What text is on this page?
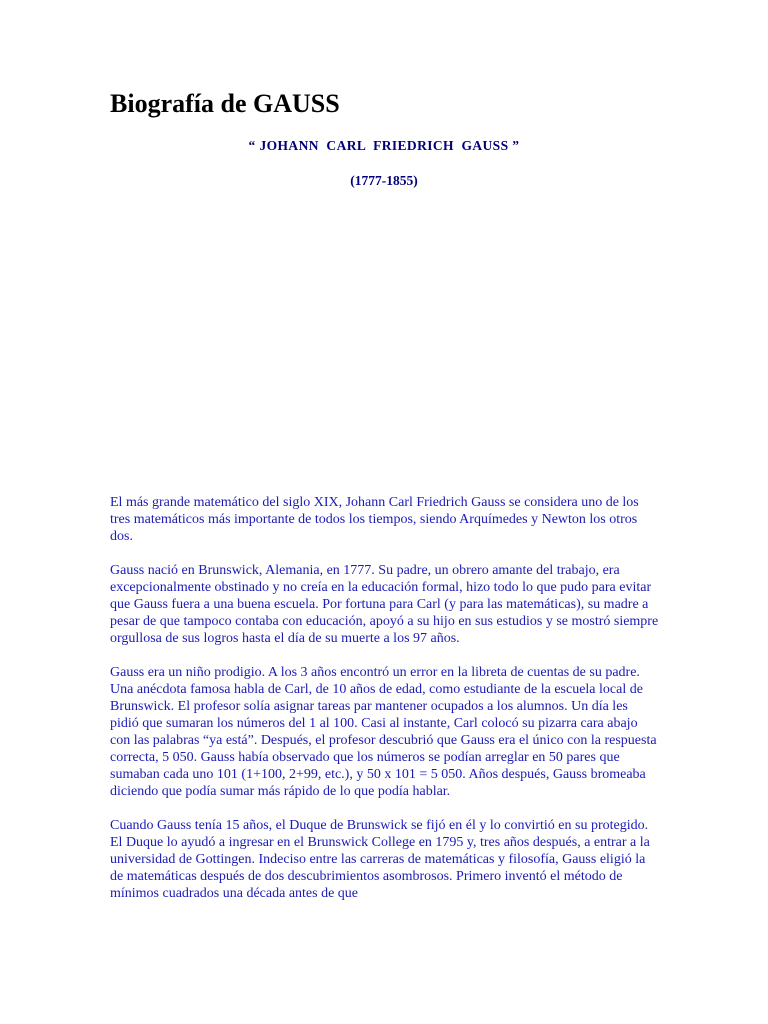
Biografía de GAUSS
“ JOHANN  CARL  FRIEDRICH  GAUSS ”
(1777-1855)

El más grande matemático del siglo XIX, Johann Carl Friedrich Gauss se considera uno de los tres matemáticos más importante de todos los tiempos, siendo Arquímedes y Newton los otros dos.

Gauss nació en Brunswick, Alemania, en 1777. Su padre, un obrero amante del trabajo, era excepcionalmente obstinado y no creía en la educación formal, hizo todo lo que pudo para evitar que Gauss fuera a una buena escuela. Por fortuna para Carl (y para las matemáticas), su madre a pesar de que tampoco contaba con educación, apoyó a su hijo en sus estudios y se mostró siempre orgullosa de sus logros hasta el día de su muerte a los 97 años.

Gauss era un niño prodigio. A los 3 años encontró un error en la libreta de cuentas de su padre. Una anécdota famosa habla de Carl, de 10 años de edad, como estudiante de la escuela local de Brunswick. El profesor solía asignar tareas par mantener ocupados a los alumnos. Un día les pidió que sumaran los números del 1 al 100. Casi al instante, Carl colocó su pizarra cara abajo con las palabras “ya está”. Después, el profesor descubrió que Gauss era el único con la respuesta correcta, 5 050. Gauss había observado que los números se podían arreglar en 50 pares que sumaban cada uno 101 (1+100, 2+99, etc.), y 50 x 101 = 5 050. Años después, Gauss bromeaba diciendo que podía sumar más rápido de lo que podía hablar.

Cuando Gauss tenía 15 años, el Duque de Brunswick se fijó en él y lo convirtió en su protegido. El Duque lo ayudó a ingresar en el Brunswick College en 1795 y, tres años después, a entrar a la universidad de Gottingen. Indeciso entre las carreras de matemáticas y filosofía, Gauss eligió la de matemáticas después de dos descubrimientos asombrosos. Primero inventó el método de mínimos cuadrados una década antes de que
